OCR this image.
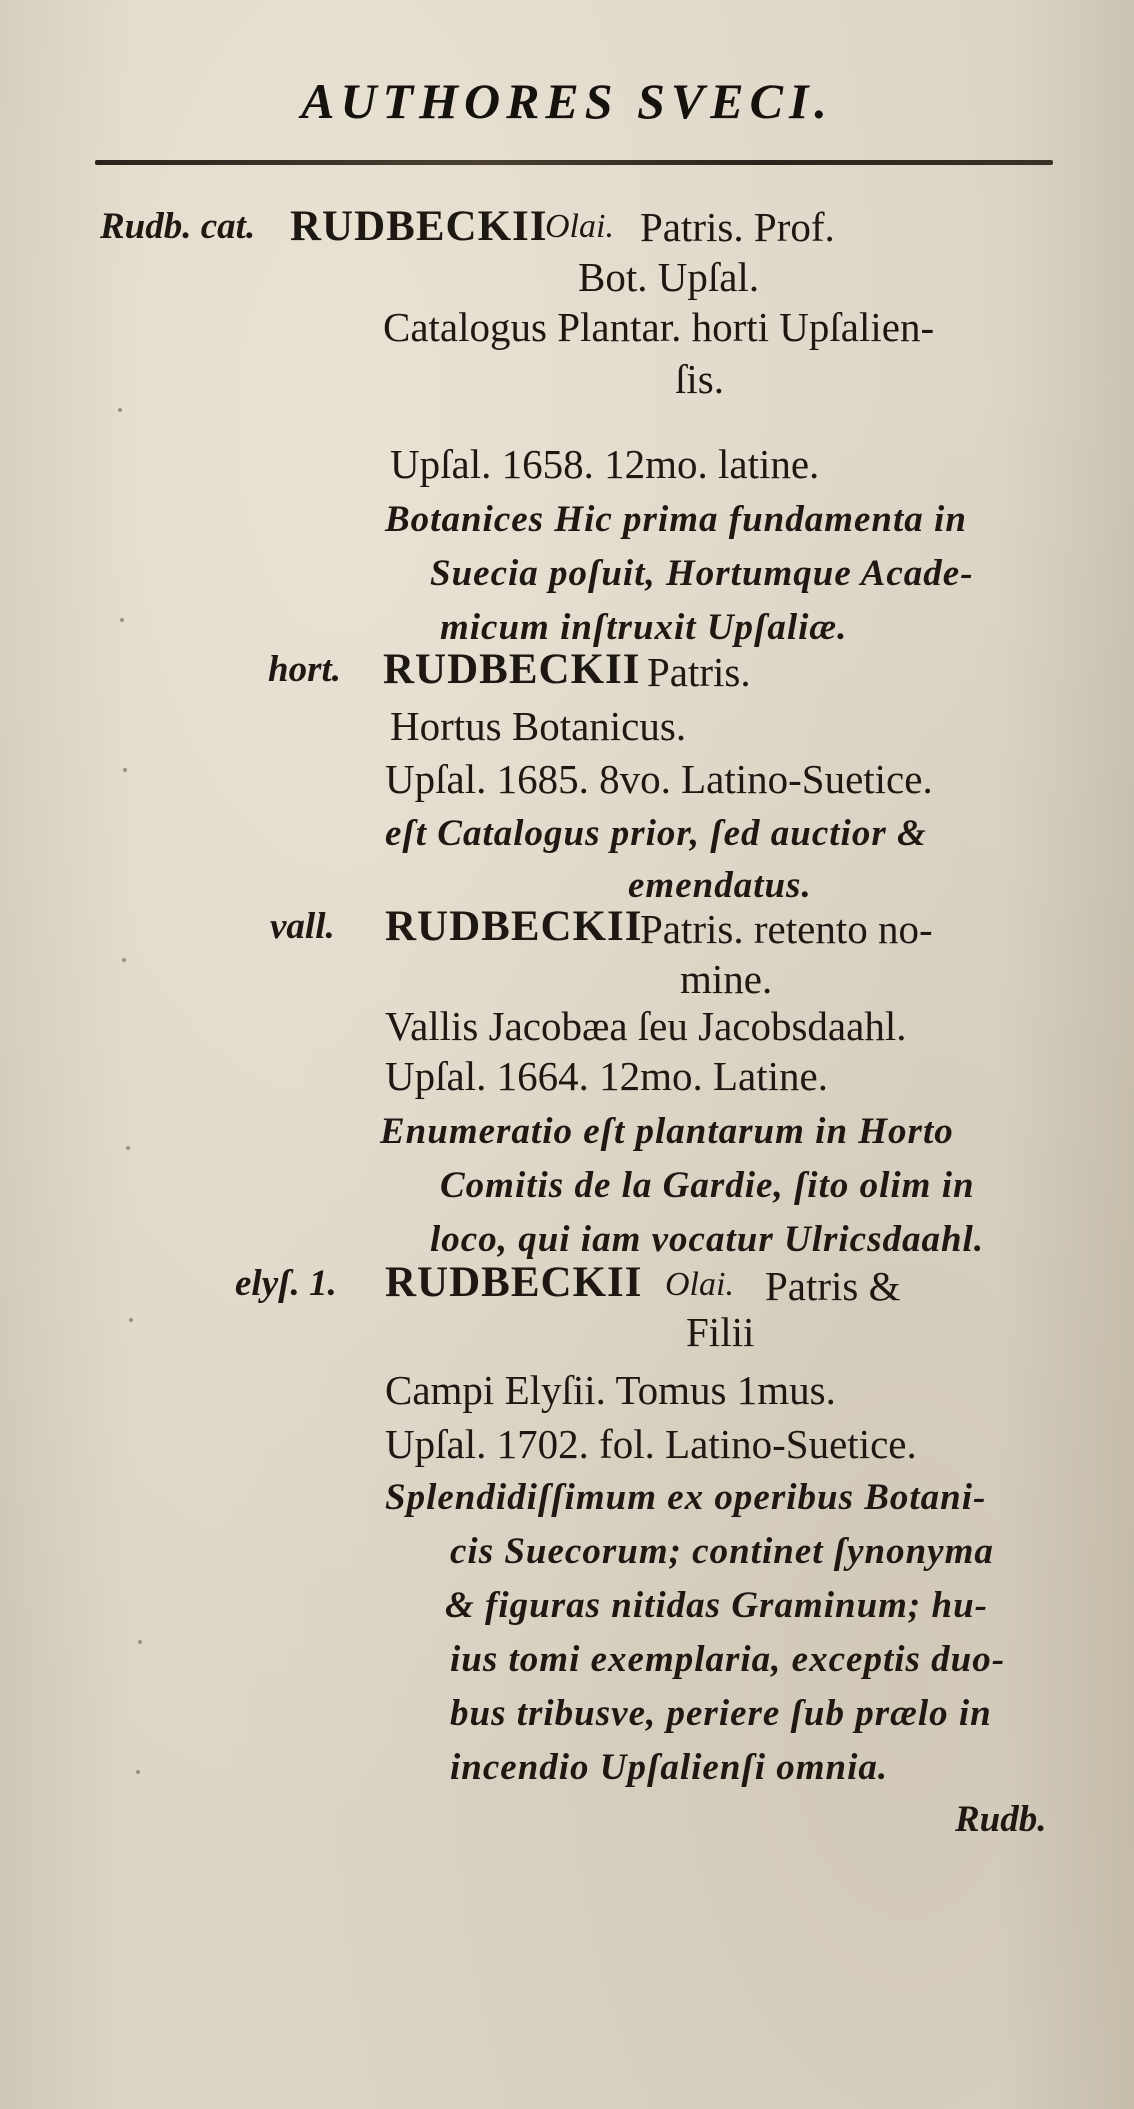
AUTHORES SVECI.
Rudb. cat. RUDBECKII
Olai. Patris. Prof.
Bot. Upſal.
Catalogus Plantar. horti Upſalien-
ſis.
Upſal. 1658. 12mo. latine.
Botanices Hic prima fundamenta in
Suecia poſuit, Hortumque Acade-
micum inſtruxit Upſaliæ.
hort. RUDBECKII Patris.
Hortus Botanicus.
Upſal. 1685. 8vo. Latino-Suetice.
eſt Catalogus prior, ſed auctior &
emendatus.
vall. RUDBECKII
Patris. retento no-
mine.
Vallis Jacobæa ſeu Jacobsdaahl.
Upſal. 1664. 12mo. Latine.
Enumeratio eſt plantarum in Horto
Comitis de la Gardie, ſito olim in
loco, qui iam vocatur Ulricsdaahl.
elyſ. 1. RUDBECKII Olai. Patris &
Filii
Campi Elyſii. Tomus 1mus.
Upſal. 1702. fol. Latino-Suetice.
Splendidiſſimum ex operibus Botani-
cis Suecorum; continet ſynonyma
& figuras nitidas Graminum; hu-
ius tomi exemplaria, exceptis duo-
bus tribusve, periere ſub prælo in
incendio Upſalienſi omnia.
Rudb.
